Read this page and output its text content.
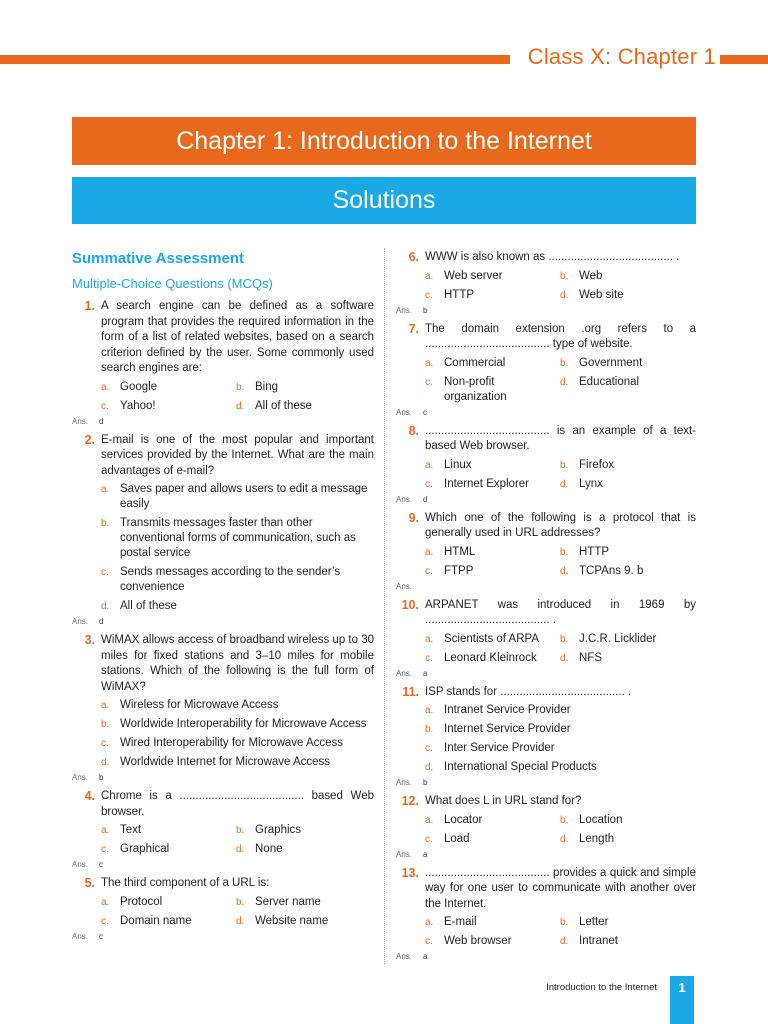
Class X: Chapter 1
Chapter 1: Introduction to the Internet
Solutions
Summative Assessment
Multiple-Choice Questions (MCQs)
1. A search engine can be defined as a software program that provides the required information in the form of a list of related websites, based on a search criterion defined by the user. Some commonly used search engines are:
a. Google	b. Bing
c. Yahoo!	d. All of these
Ans. d
2. E-mail is one of the most popular and important services provided by the Internet. What are the main advantages of e-mail?
a. Saves paper and allows users to edit a message easily
b. Transmits messages faster than other conventional forms of communication, such as postal service
c. Sends messages according to the sender’s convenience
d. All of these
Ans. d
3. WiMAX allows access of broadband wireless up to 30 miles for fixed stations and 3–10 miles for mobile stations. Which of the following is the full form of WiMAX?
a. Wireless for Microwave Access
b. Worldwide Interoperability for Microwave Access
c. Wired Interoperability for Microwave Access
d. Worldwide Internet for Microwave Access
Ans. b
4. Chrome is a ....................................... based Web browser.
a. Text	b. Graphics
c. Graphical	d. None
Ans. c
5. The third component of a URL is:
a. Protocol	b. Server name
c. Domain name	d. Website name
Ans. c
6. WWW is also known as ....................................... .
a. Web server	b. Web
c. HTTP	d. Web site
Ans. b
7. The domain extension .org refers to a ....................................... type of website.
a. Commercial	b. Government
c. Non-profit organization
d. Educational
Ans. c
8. ....................................... is an example of a text-based Web browser.
a. Linux	b. Firefox
c. Internet Explorer	d. Lynx
Ans. d
9. Which one of the following is a protocol that is generally used in URL addresses?
a. HTML	b. HTTP
c. FTPP	d. TCPAns 9. b
Ans.
10. ARPANET was introduced in 1969 by ....................................... .
a. Scientists of ARPA	b. J.C.R. Licklider
c. Leonard Kleinrock	d. NFS
Ans. a
11. ISP stands for ....................................... .
a. Intranet Service Provider
b. Internet Service Provider
c. Inter Service Provider
d. International Special Products
Ans. b
12. What does L in URL stand for?
a. Locator	b. Location
c. Load	d. Length
Ans. a
13. ....................................... provides a quick and simple way for one user to communicate with another over the Internet.
a. E-mail	b. Letter
c. Web browser	d. Intranet
Ans. a
Introduction to the Internet	1
